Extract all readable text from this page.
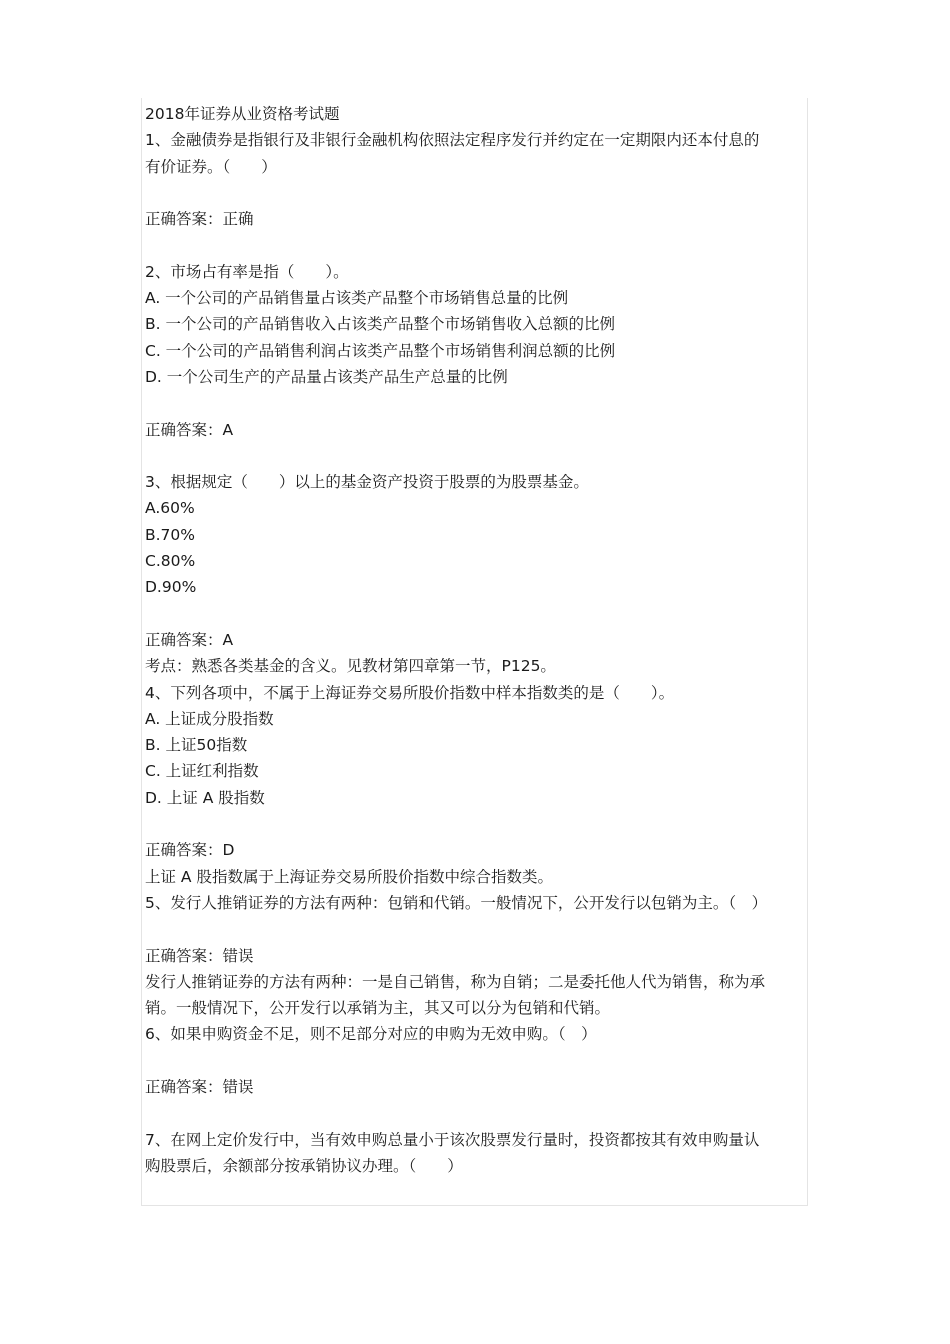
2018年证券从业资格考试题
1、金融债券是指银行及非银行金融机构依照法定程序发行并约定在一定期限内还本付息的
有价证券。（　　）
正确答案：正确
2、市场占有率是指（　　）。
A. 一个公司的产品销售量占该类产品整个市场销售总量的比例
B. 一个公司的产品销售收入占该类产品整个市场销售收入总额的比例
C. 一个公司的产品销售利润占该类产品整个市场销售利润总额的比例
D. 一个公司生产的产品量占该类产品生产总量的比例
正确答案：A
3、根据规定（　　）以上的基金资产投资于股票的为股票基金。
A.60%
B.70%
C.80%
D.90%
正确答案：A
考点：熟悉各类基金的含义。见教材第四章第一节，P125。
4、下列各项中，不属于上海证券交易所股价指数中样本指数类的是（　　）。
A. 上证成分股指数
B. 上证50指数
C. 上证红利指数
D. 上证 A 股指数
正确答案：D
上证 A 股指数属于上海证券交易所股价指数中综合指数类。
5、发行人推销证券的方法有两种：包销和代销。一般情况下，公开发行以包销为主。（　）
正确答案：错误
发行人推销证券的方法有两种：一是自己销售，称为自销；二是委托他人代为销售，称为承
销。一般情况下，公开发行以承销为主，其又可以分为包销和代销。
6、如果申购资金不足，则不足部分对应的申购为无效申购。（　）
正确答案：错误
7、在网上定价发行中，当有效申购总量小于该次股票发行量时，投资都按其有效申购量认
购股票后，余额部分按承销协议办理。（　　）
